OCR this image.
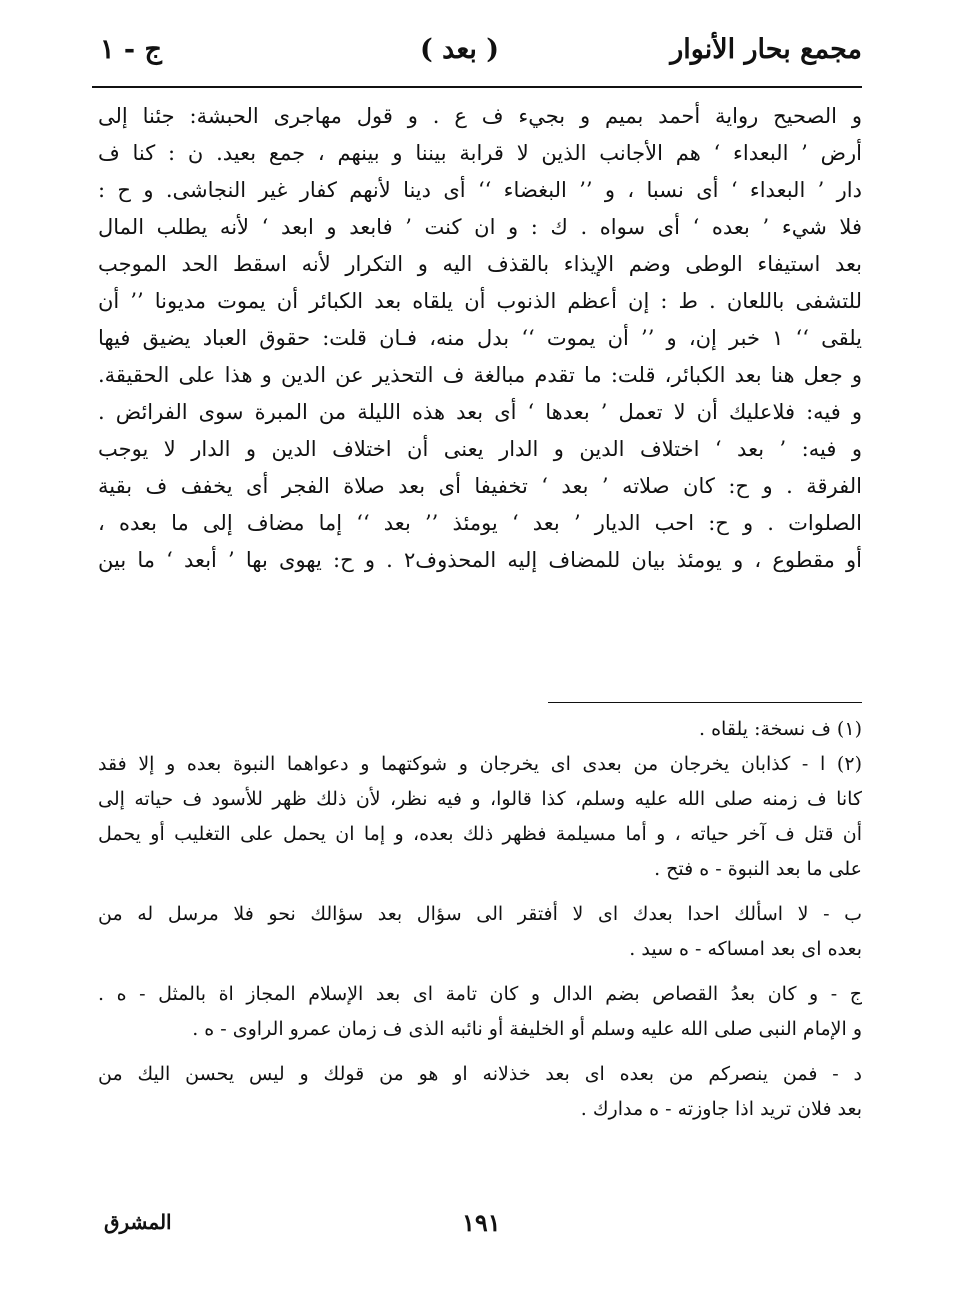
مجمع بحار الأنوار
( بعد )
ج - ١
و الصحيح رواية أحمد بميم و بجيء ف ع . و قول مهاجرى الحبشة: جئنا إلى
أرض ’ البعداء ‘ هم الأجانب الذين لا قرابة بيننا و بينهم ، جمع بعيد. ن : كنا ف
دار ’ البعداء ‘ أى نسبا ، و ’’ البغضاء ‘‘ أى دينا لأنهم كفار غير النجاشى. و ح :
فلا شيء ’ بعده ‘ أى سواه . ك : و ان كنت ’ فابعد و ابعد ‘ لأنه يطلب المال
بعد استيفاء الوطى وضم الإيذاء بالقذف اليه و التكرار لأنه اسقط الحد الموجب
للتشفى باللعان . ط : إن أعظم الذنوب أن يلقاه بعد الكبائر أن يموت مديونا ’’ أن
يلقى ‘‘ ١ خبر إن، و ’’ أن يموت ‘‘ بدل منه، فـان قلت: حقوق العباد يضيق فيها
و جعل هنا بعد الكبائر، قلت: ما تقدم مبالغة ف التحذير عن الدين و هذا على الحقيقة.
و فيه: فلاعليك أن لا تعمل ’ بعدها ‘ أى بعد هذه الليلة من المبرة سوى الفرائض .
و فيه: ’ بعد ‘ اختلاف الدين و الدار يعنى أن اختلاف الدين و الدار لا يوجب
الفرقة . و ح: كان صلاته ’ بعد ‘ تخفيفا أى بعد صلاة الفجر أى يخفف ف بقية
الصلوات . و ح: احب الديار ’ بعد ‘ يومئذ ’’ بعد ‘‘ إما مضاف إلى ما بعده ،
أو مقطوع ، و يومئذ بيان للمضاف إليه المحذوف٢ . و ح: يهوى بها ’ أبعد ‘ ما بين
(١) ف نسخة: يلقاه .
(٢) ا - كذابان يخرجان من بعدى اى يخرجان و شوكتهما و دعواهما النبوة بعده و إلا فقد
كانا ف زمنه صلى الله عليه وسلم، كذا قالوا، و فيه نظر، لأن ذلك ظهر للأسود ف حياته إلى
أن قتل ف آخر حياته ، و أما مسيلمة فظهر ذلك بعده، و إما ان يحمل على التغليب أو يحمل
على ما بعد النبوة - ه فتح .
ب - لا اسألك احدا بعدك اى لا أفتقر الى سؤال بعد سؤالك نحو فلا مرسل له من
بعده اى بعد امساكه - ه سيد .
ج - و كان بعدُ القصاص بضم الدال و كان تامة اى بعد الإسلام المجاز اة بالمثل - ه .
و الإمام النبى صلى الله عليه وسلم أو الخليفة أو نائبه الذى ف زمان عمرو الراوى - ه .
د - فمن ينصركم من بعده اى بعد خذلانه او هو من قولك و ليس يحسن اليك من
بعد فلان تريد اذا جاوزته - ه مدارك .
١٩١
المشرق
